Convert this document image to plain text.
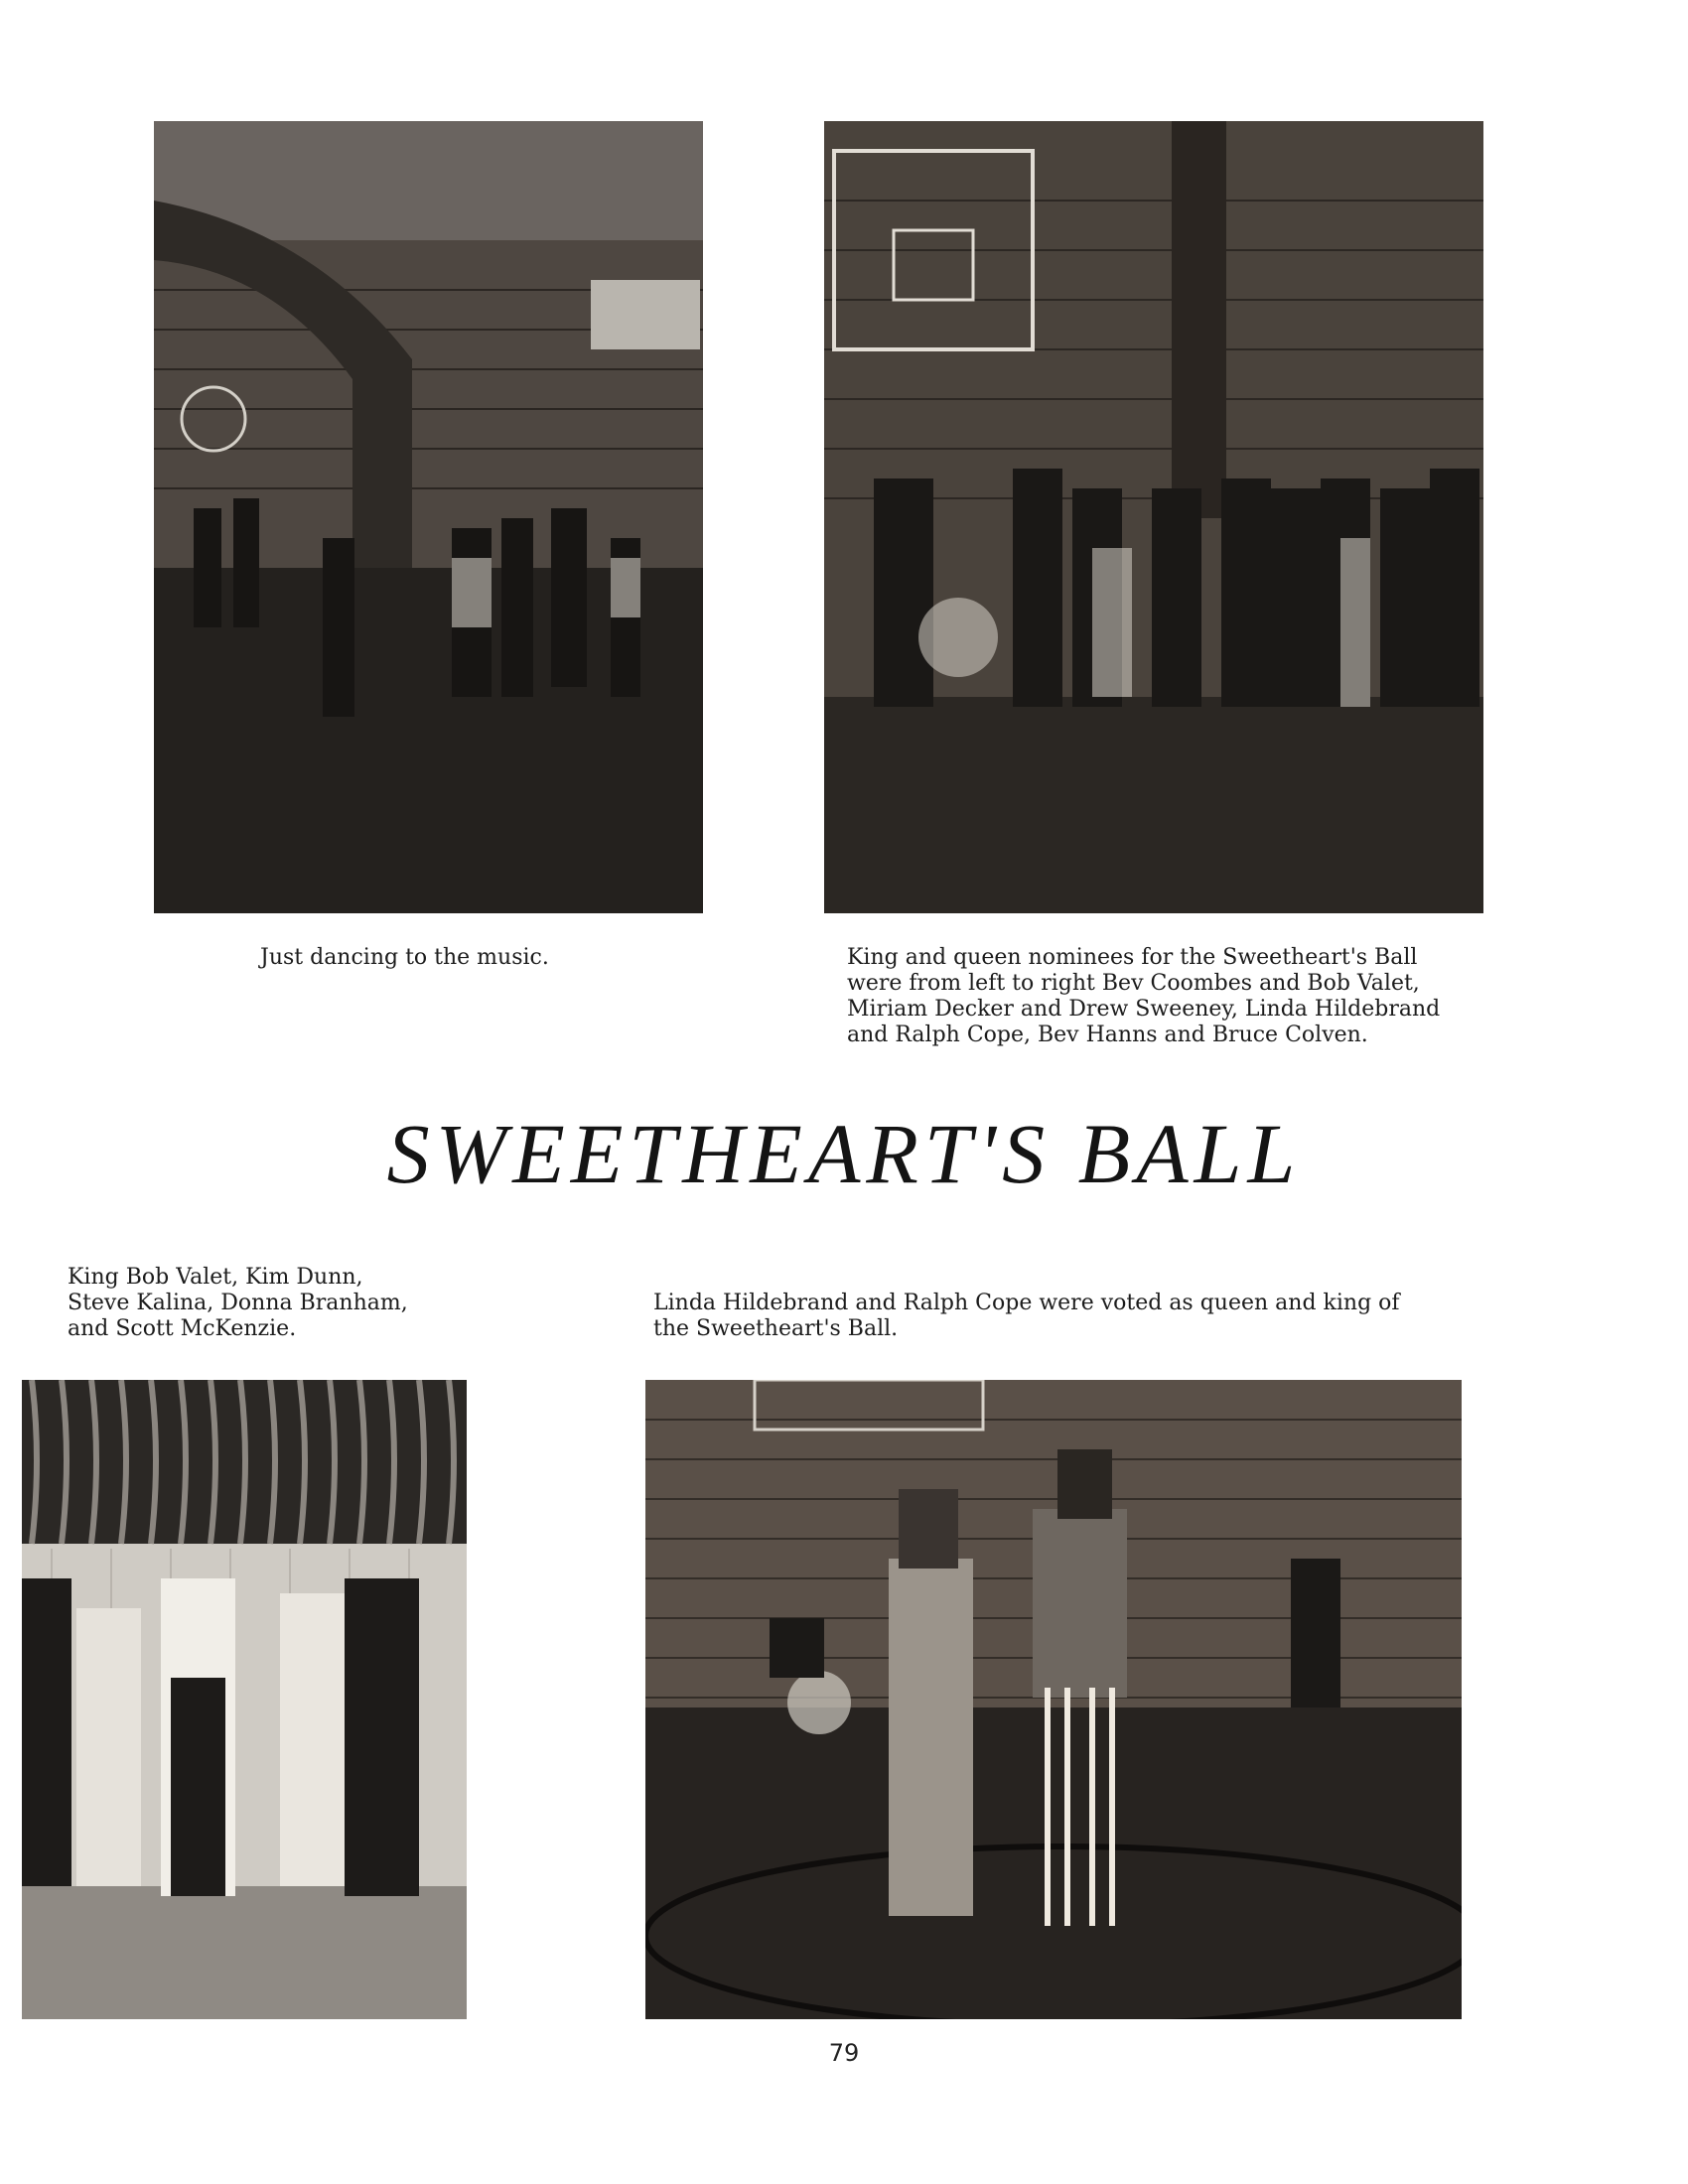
Just dancing to the music.	King and queen nominees for the Sweetheart's Ball
were from left to right Bev Coombes and Bob Valet,
Miriam Decker and Drew Sweeney, Linda Hildebrand
and Ralph Cope, Bev Hanns and Bruce Colven.
SWEETHEART'S BALL
King Bob Valet, Kim Dunn,
Steve Kalina, Donna Branham,
and Scott McKenzie.
Linda Hildebrand and Ralph Cope were voted as queen and king of
the Sweetheart's Ball.
79
